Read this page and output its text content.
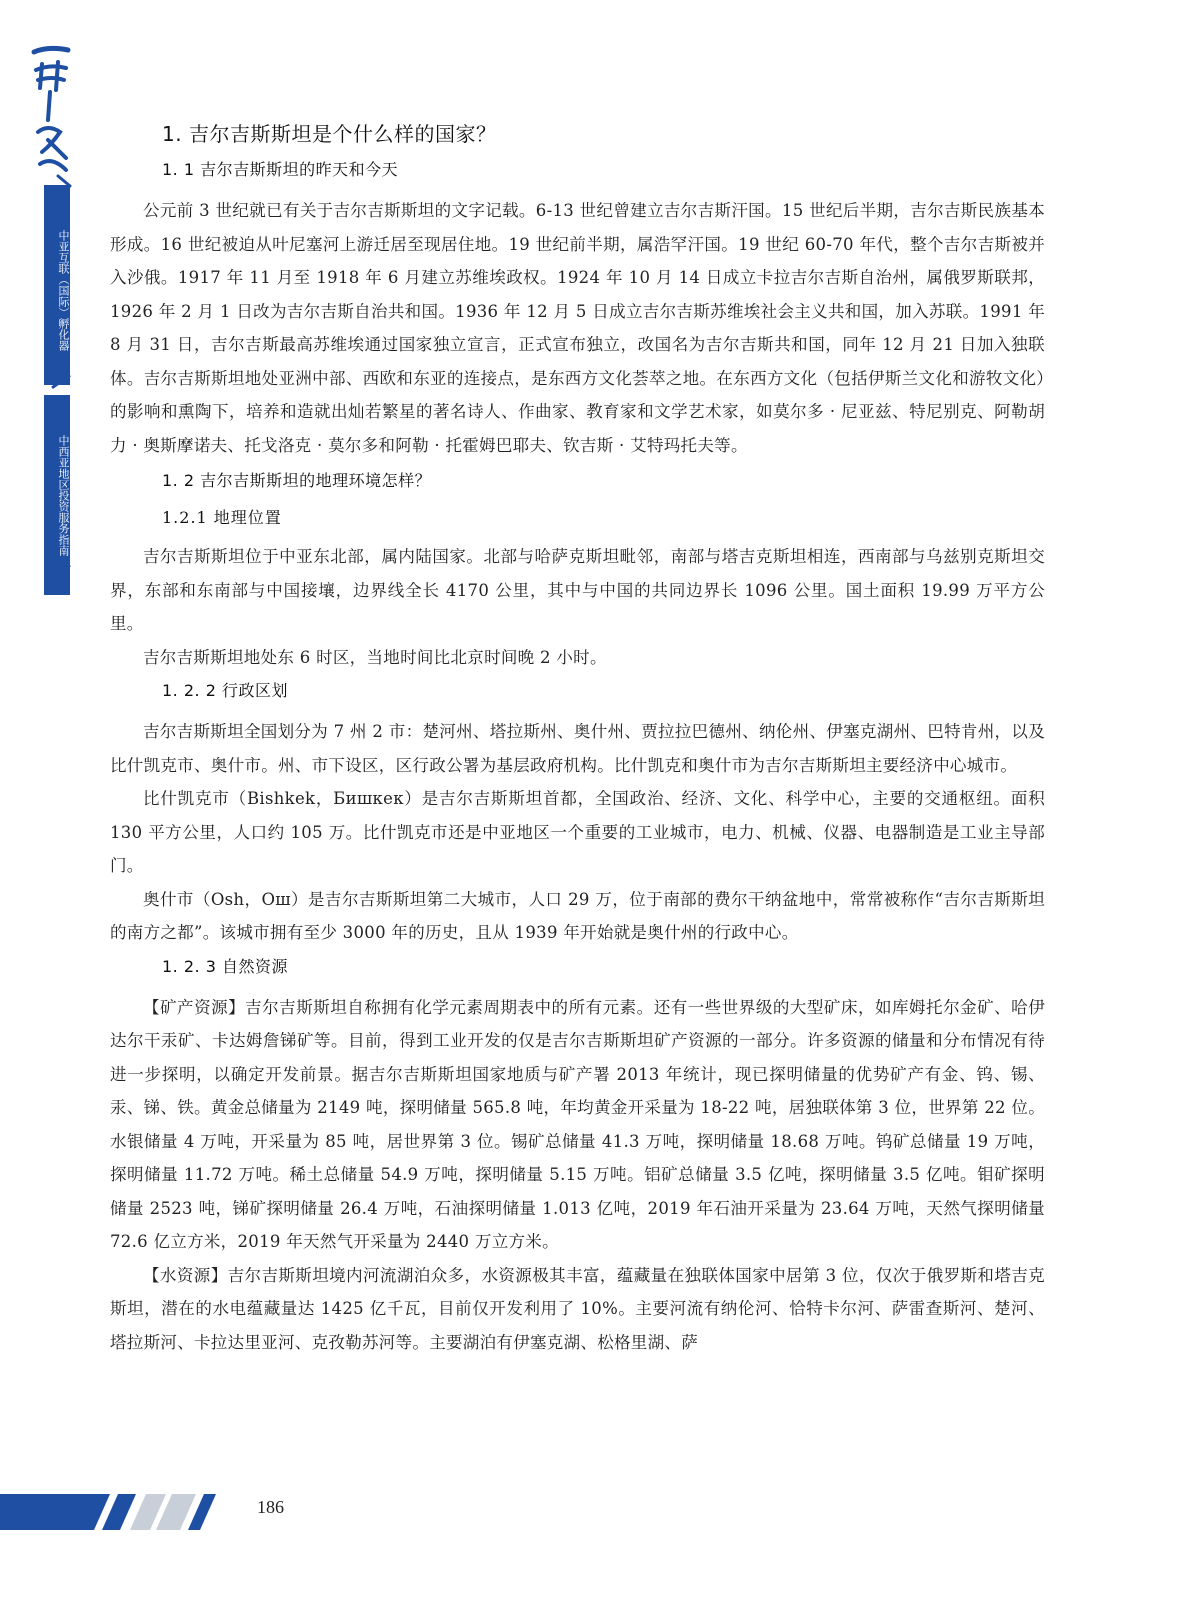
中亚互联（国际）孵化器
中西亚地区投资服务指南
1. 吉尔吉斯斯坦是个什么样的国家？
1. 1 吉尔吉斯斯坦的昨天和今天

公元前 3 世纪就已有关于吉尔吉斯斯坦的文字记载。6-13 世纪曾建立吉尔吉斯汗国。15 世纪后半期，吉尔吉斯民族基本形成。16 世纪被迫从叶尼塞河上游迁居至现居住地。19 世纪前半期，属浩罕汗国。19 世纪 60-70 年代，整个吉尔吉斯被并入沙俄。1917 年 11 月至 1918 年 6 月建立苏维埃政权。1924 年 10 月 14 日成立卡拉吉尔吉斯自治州，属俄罗斯联邦，1926 年 2 月 1 日改为吉尔吉斯自治共和国。1936 年 12 月 5 日成立吉尔吉斯苏维埃社会主义共和国，加入苏联。1991 年 8 月 31 日，吉尔吉斯最高苏维埃通过国家独立宣言，正式宣布独立，改国名为吉尔吉斯共和国，同年 12 月 21 日加入独联体。吉尔吉斯斯坦地处亚洲中部、西欧和东亚的连接点，是东西方文化荟萃之地。在东西方文化（包括伊斯兰文化和游牧文化）的影响和熏陶下，培养和造就出灿若繁星的著名诗人、作曲家、教育家和文学艺术家，如莫尔多 · 尼亚兹、特尼别克、阿勒胡力 · 奥斯摩诺夫、托戈洛克 · 莫尔多和阿勒 · 托霍姆巴耶夫、钦吉斯 · 艾特玛托夫等。

1. 2 吉尔吉斯斯坦的地理环境怎样？
1.2.1 地理位置

吉尔吉斯斯坦位于中亚东北部，属内陆国家。北部与哈萨克斯坦毗邻，南部与塔吉克斯坦相连，西南部与乌兹别克斯坦交界，东部和东南部与中国接壤，边界线全长 4170 公里，其中与中国的共同边界长 1096 公里。国土面积 19.99 万平方公里。

吉尔吉斯斯坦地处东 6 时区，当地时间比北京时间晚 2 小时。

1. 2. 2 行政区划

吉尔吉斯斯坦全国划分为 7 州 2 市：楚河州、塔拉斯州、奥什州、贾拉拉巴德州、纳伦州、伊塞克湖州、巴特肯州，以及比什凯克市、奥什市。州、市下设区，区行政公署为基层政府机构。比什凯克和奥什市为吉尔吉斯斯坦主要经济中心城市。

比什凯克市（Bishkek，Бишкек）是吉尔吉斯斯坦首都，全国政治、经济、文化、科学中心，主要的交通枢纽。面积 130 平方公里，人口约 105 万。比什凯克市还是中亚地区一个重要的工业城市，电力、机械、仪器、电器制造是工业主导部门。

奥什市（Osh，Ош）是吉尔吉斯斯坦第二大城市，人口 29 万，位于南部的费尔干纳盆地中，常常被称作“吉尔吉斯斯坦的南方之都”。该城市拥有至少 3000 年的历史，且从 1939 年开始就是奥什州的行政中心。

1. 2. 3 自然资源

【矿产资源】吉尔吉斯斯坦自称拥有化学元素周期表中的所有元素。还有一些世界级的大型矿床，如库姆托尔金矿、哈伊达尔干汞矿、卡达姆詹锑矿等。目前，得到工业开发的仅是吉尔吉斯斯坦矿产资源的一部分。许多资源的储量和分布情况有待进一步探明，以确定开发前景。据吉尔吉斯斯坦国家地质与矿产署 2013 年统计，现已探明储量的优势矿产有金、钨、锡、汞、锑、铁。黄金总储量为 2149 吨，探明储量 565.8 吨，年均黄金开采量为 18-22 吨，居独联体第 3 位，世界第 22 位。水银储量 4 万吨，开采量为 85 吨，居世界第 3 位。锡矿总储量 41.3 万吨，探明储量 18.68 万吨。钨矿总储量 19 万吨，探明储量 11.72 万吨。稀土总储量 54.9 万吨，探明储量 5.15 万吨。铝矿总储量 3.5 亿吨，探明储量 3.5 亿吨。钼矿探明储量 2523 吨，锑矿探明储量 26.4 万吨，石油探明储量 1.013 亿吨，2019 年石油开采量为 23.64 万吨，天然气探明储量 72.6 亿立方米，2019 年天然气开采量为 2440 万立方米。

【水资源】吉尔吉斯斯坦境内河流湖泊众多，水资源极其丰富，蕴藏量在独联体国家中居第 3 位，仅次于俄罗斯和塔吉克斯坦，潜在的水电蕴藏量达 1425 亿千瓦，目前仅开发利用了 10%。主要河流有纳伦河、恰特卡尔河、萨雷查斯河、楚河、塔拉斯河、卡拉达里亚河、克孜勒苏河等。主要湖泊有伊塞克湖、松格里湖、萨

186
